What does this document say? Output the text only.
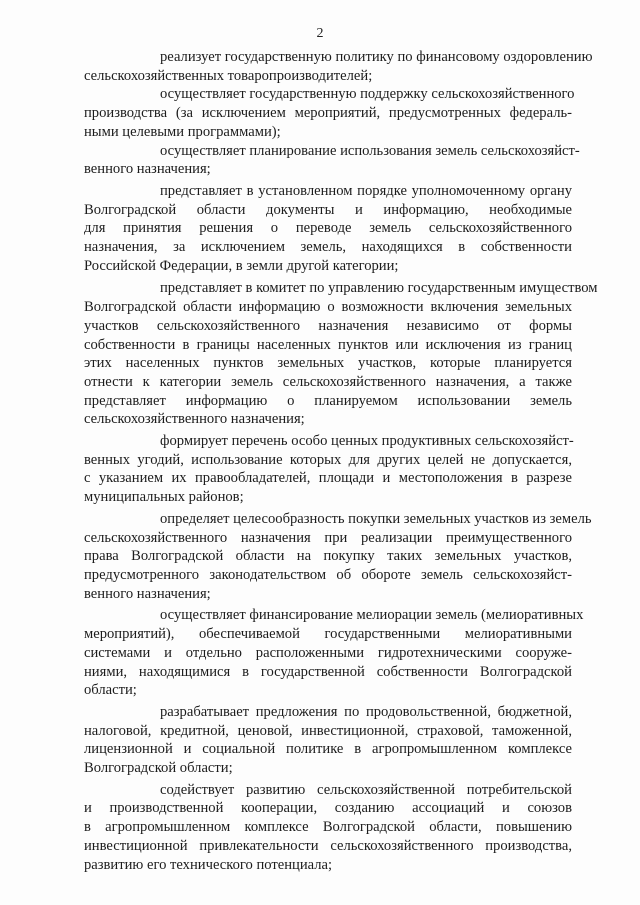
2
реализует государственную политику по финансовому оздоровлению
сельскохозяйственных товаропроизводителей;
осуществляет государственную поддержку сельскохозяйственного
производства (за исключением мероприятий, предусмотренных федераль-
ными целевыми программами);
осуществляет планирование использования земель сельскохозяйст-
венного назначения;
представляет в установленном порядке уполномоченному органу
Волгоградской области документы и информацию, необходимые
для принятия решения о переводе земель сельскохозяйственного
назначения, за исключением земель, находящихся в собственности
Российской Федерации, в земли другой категории;
представляет в комитет по управлению государственным имуществом
Волгоградской области информацию о возможности включения земельных
участков сельскохозяйственного назначения независимо от формы
собственности в границы населенных пунктов или исключения из границ
этих населенных пунктов земельных участков, которые планируется
отнести к категории земель сельскохозяйственного назначения, а также
представляет информацию о планируемом использовании земель
сельскохозяйственного назначения;
формирует перечень особо ценных продуктивных сельскохозяйст-
венных угодий, использование которых для других целей не допускается,
с указанием их правообладателей, площади и местоположения в разрезе
муниципальных районов;
определяет целесообразность покупки земельных участков из земель
сельскохозяйственного назначения при реализации преимущественного
права Волгоградской области на покупку таких земельных участков,
предусмотренного законодательством об обороте земель сельскохозяйст-
венного назначения;
осуществляет финансирование мелиорации земель (мелиоративных
мероприятий), обеспечиваемой государственными мелиоративными
системами и отдельно расположенными гидротехническими сооруже-
ниями, находящимися в государственной собственности Волгоградской
области;
разрабатывает предложения по продовольственной, бюджетной,
налоговой, кредитной, ценовой, инвестиционной, страховой, таможенной,
лицензионной и социальной политике в агропромышленном комплексе
Волгоградской области;
содействует развитию сельскохозяйственной потребительской
и производственной кооперации, созданию ассоциаций и союзов
в агропромышленном комплексе Волгоградской области, повышению
инвестиционной привлекательности сельскохозяйственного производства,
развитию его технического потенциала;
